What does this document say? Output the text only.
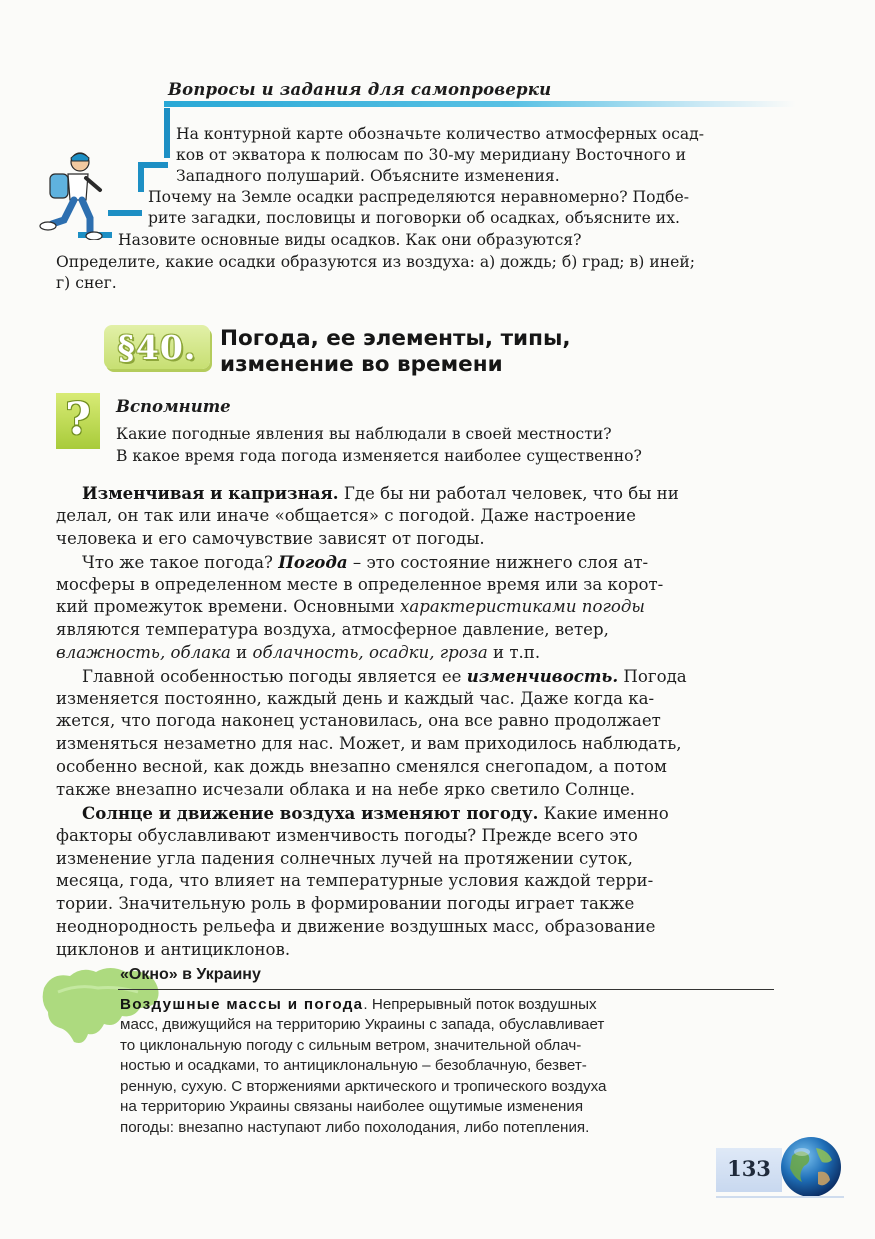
Вопросы и задания для самопроверки
На контурной карте обозначьте количество атмосферных осад-
ков от экватора к полюсам по 30-му меридиану Восточного и
Западного полушарий. Объясните изменения.
Почему на Земле осадки распределяются неравномерно? Подбе-
рите загадки, пословицы и поговорки об осадках, объясните их.
Назовите основные виды осадков. Как они образуются?
Определите, какие осадки образуются из воздуха: а) дождь; б) град; в) иней;
г) снег.
§40.	Погода, ее элементы, типы,
изменение во времени
?	Вспомните
Какие погодные явления вы наблюдали в своей местности?
В какое время года погода изменяется наиболее существенно?
Изменчивая и капризная. Где бы ни работал человек, что бы ни
делал, он так или иначе «общается» с погодой. Даже настроение
человека и его самочувствие зависят от погоды.
Что же такое погода? Погода – это состояние нижнего слоя ат-
мосферы в определенном месте в определенное время или за корот-
кий промежуток времени. Основными характеристиками погоды
являются температура воздуха, атмосферное давление, ветер,
влажность, облака и облачность, осадки, гроза и т.п.
Главной особенностью погоды является ее изменчивость. Погода
изменяется постоянно, каждый день и каждый час. Даже когда ка-
жется, что погода наконец установилась, она все равно продолжает
изменяться незаметно для нас. Может, и вам приходилось наблюдать,
особенно весной, как дождь внезапно сменялся снегопадом, а потом
также внезапно исчезали облака и на небе ярко светило Солнце.
Солнце и движение воздуха изменяют погоду. Какие именно
факторы обуславливают изменчивость погоды? Прежде всего это
изменение угла падения солнечных лучей на протяжении суток,
месяца, года, что влияет на температурные условия каждой терри-
тории. Значительную роль в формировании погоды играет также
неоднородность рельефа и движение воздушных масс, образование
циклонов и антициклонов.
«Окно» в Украину
Воздушные массы и погода. Непрерывный поток воздушных
масс, движущийся на территорию Украины с запада, обуславливает
то циклональную погоду с сильным ветром, значительной облач-
ностью и осадками, то антициклональную – безоблачную, безвет-
ренную, сухую. С вторжениями арктического и тропического воздуха
на территорию Украины связаны наиболее ощутимые изменения
погоды: внезапно наступают либо похолодания, либо потепления.
133
